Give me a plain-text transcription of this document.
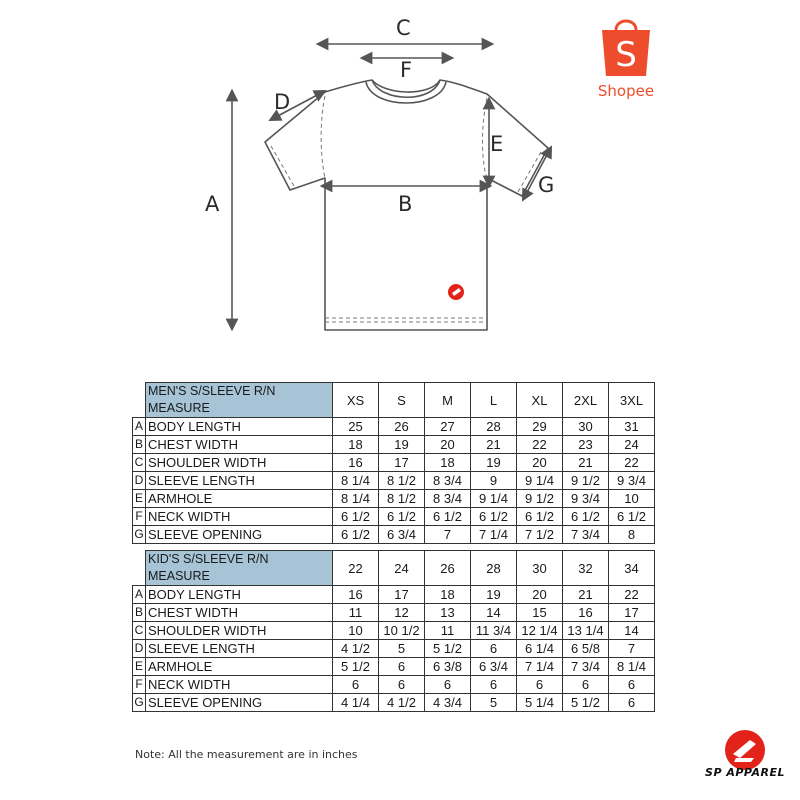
C
F
D
E
G
A	B
S
Shopee
	MEN'S S/SLEEVE R/N MEASURE	XS	S	M	L	XL	2XL	3XL
A	BODY LENGTH	25	26	27	28	29	30	31
B	CHEST WIDTH	18	19	20	21	22	23	24
C	SHOULDER WIDTH	16	17	18	19	20	21	22
D	SLEEVE LENGTH	8 1/4	8 1/2	8 3/4	9	9 1/4	9 1/2	9 3/4
E	ARMHOLE	8 1/4	8 1/2	8 3/4	9 1/4	9 1/2	9 3/4	10
F	NECK WIDTH	6 1/2	6 1/2	6 1/2	6 1/2	6 1/2	6 1/2	6 1/2
G	SLEEVE OPENING	6 1/2	6 3/4	7	7 1/4	7 1/2	7 3/4	8
	KID'S S/SLEEVE R/N MEASURE	22	24	26	28	30	32	34
A	BODY LENGTH	16	17	18	19	20	21	22
B	CHEST WIDTH	11	12	13	14	15	16	17
C	SHOULDER WIDTH	10	10 1/2	11	11 3/4	12 1/4	13 1/4	14
D	SLEEVE LENGTH	4 1/2	5	5 1/2	6	6 1/4	6 5/8	7
E	ARMHOLE	5 1/2	6	6 3/8	6 3/4	7 1/4	7 3/4	8 1/4
F	NECK WIDTH	6	6	6	6	6	6	6
G	SLEEVE OPENING	4 1/4	4 1/2	4 3/4	5	5 1/4	5 1/2	6
Note: All the measurement are in inches
SP APPAREL
